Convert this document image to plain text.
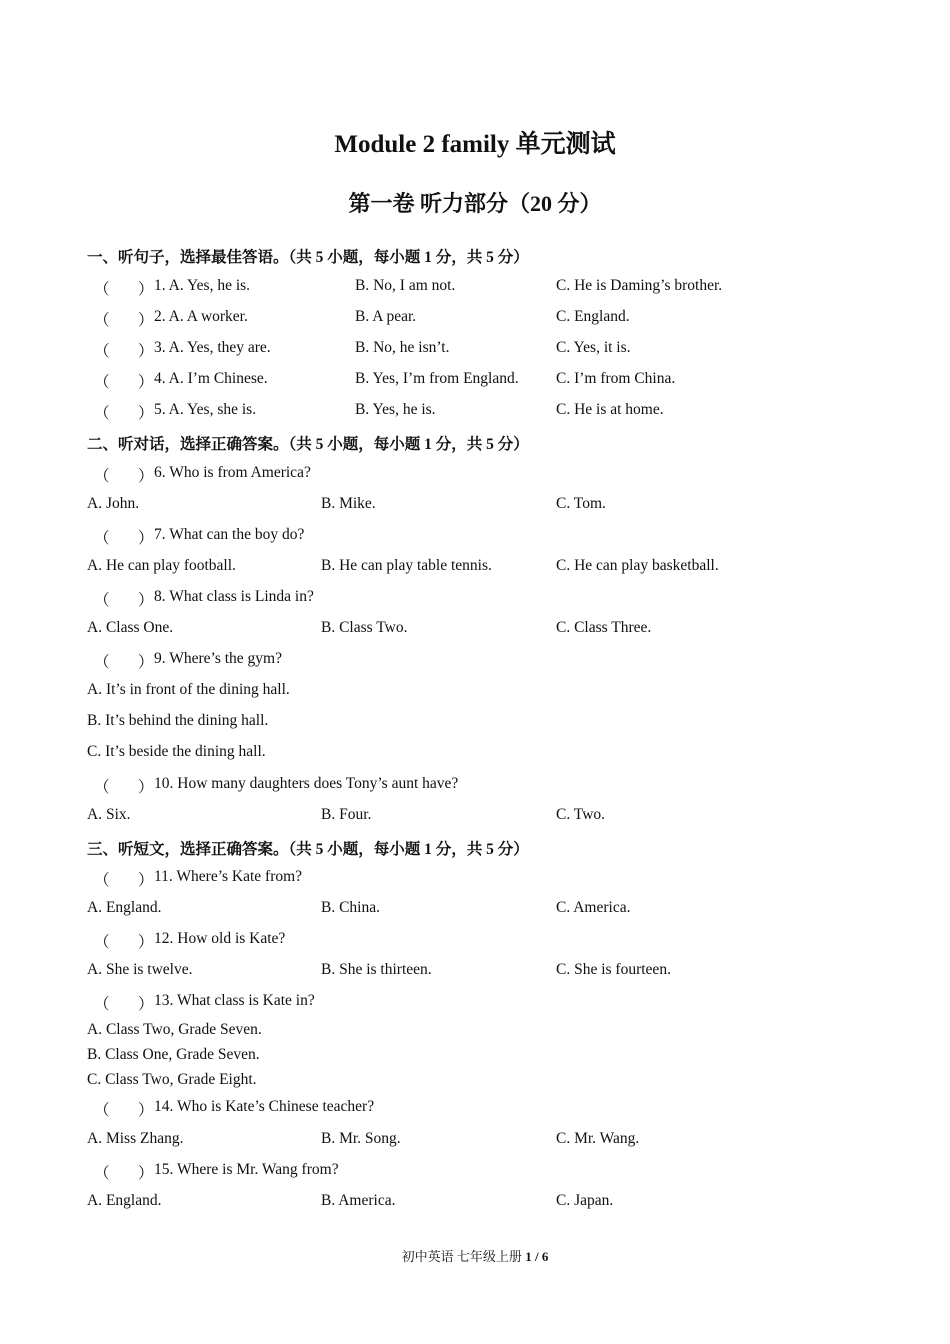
Module 2 family 单元测试
第一卷 听力部分（20 分）
一、听句子，选择最佳答语。（共 5 小题，每小题 1 分，共 5 分）
（ ） 1. A. Yes, he is.	B. No, I am not.	C. He is Daming’s brother.
（ ） 2. A. A worker.	B. A pear.	C. England.
（ ） 3. A. Yes, they are.	B. No, he isn’t.	C. Yes, it is.
（ ） 4. A. I’m Chinese.	B. Yes, I’m from England. C. I’m from China.
（ ） 5. A. Yes, she is.	B. Yes, he is.	C. He is at home.
二、听对话，选择正确答案。（共 5 小题，每小题 1 分，共 5 分）
（ ） 6. Who is from America?
A. John.	B. Mike.	C. Tom.
（ ） 7. What can the boy do?
A. He can play football.	B. He can play table tennis.	C. He can play basketball.
（ ） 8. What class is Linda in?
A. Class One.	B. Class Two.	C. Class Three.
（ ） 9. Where’s the gym?
A. It’s in front of the dining hall.
B. It’s behind the dining hall.
C. It’s beside the dining hall.
（ ） 10. How many daughters does Tony’s aunt have?
A. Six.	B. Four.	C. Two.
三、听短文，选择正确答案。（共 5 小题，每小题 1 分，共 5 分）
（ ） 11. Where’s Kate from?
A. England.	B. China.	C. America.
（ ） 12. How old is Kate?
A. She is twelve.	B. She is thirteen.	C. She is fourteen.
（ ） 13. What class is Kate in?
A. Class Two, Grade Seven.
B. Class One, Grade Seven.
C. Class Two, Grade Eight.
（ ） 14. Who is Kate’s Chinese teacher?
A. Miss Zhang.	B. Mr. Song.	C. Mr. Wang.
（ ） 15. Where is Mr. Wang from?
A. England.	B. America.	C. Japan.
初中英语 七年级上册 1 / 6
